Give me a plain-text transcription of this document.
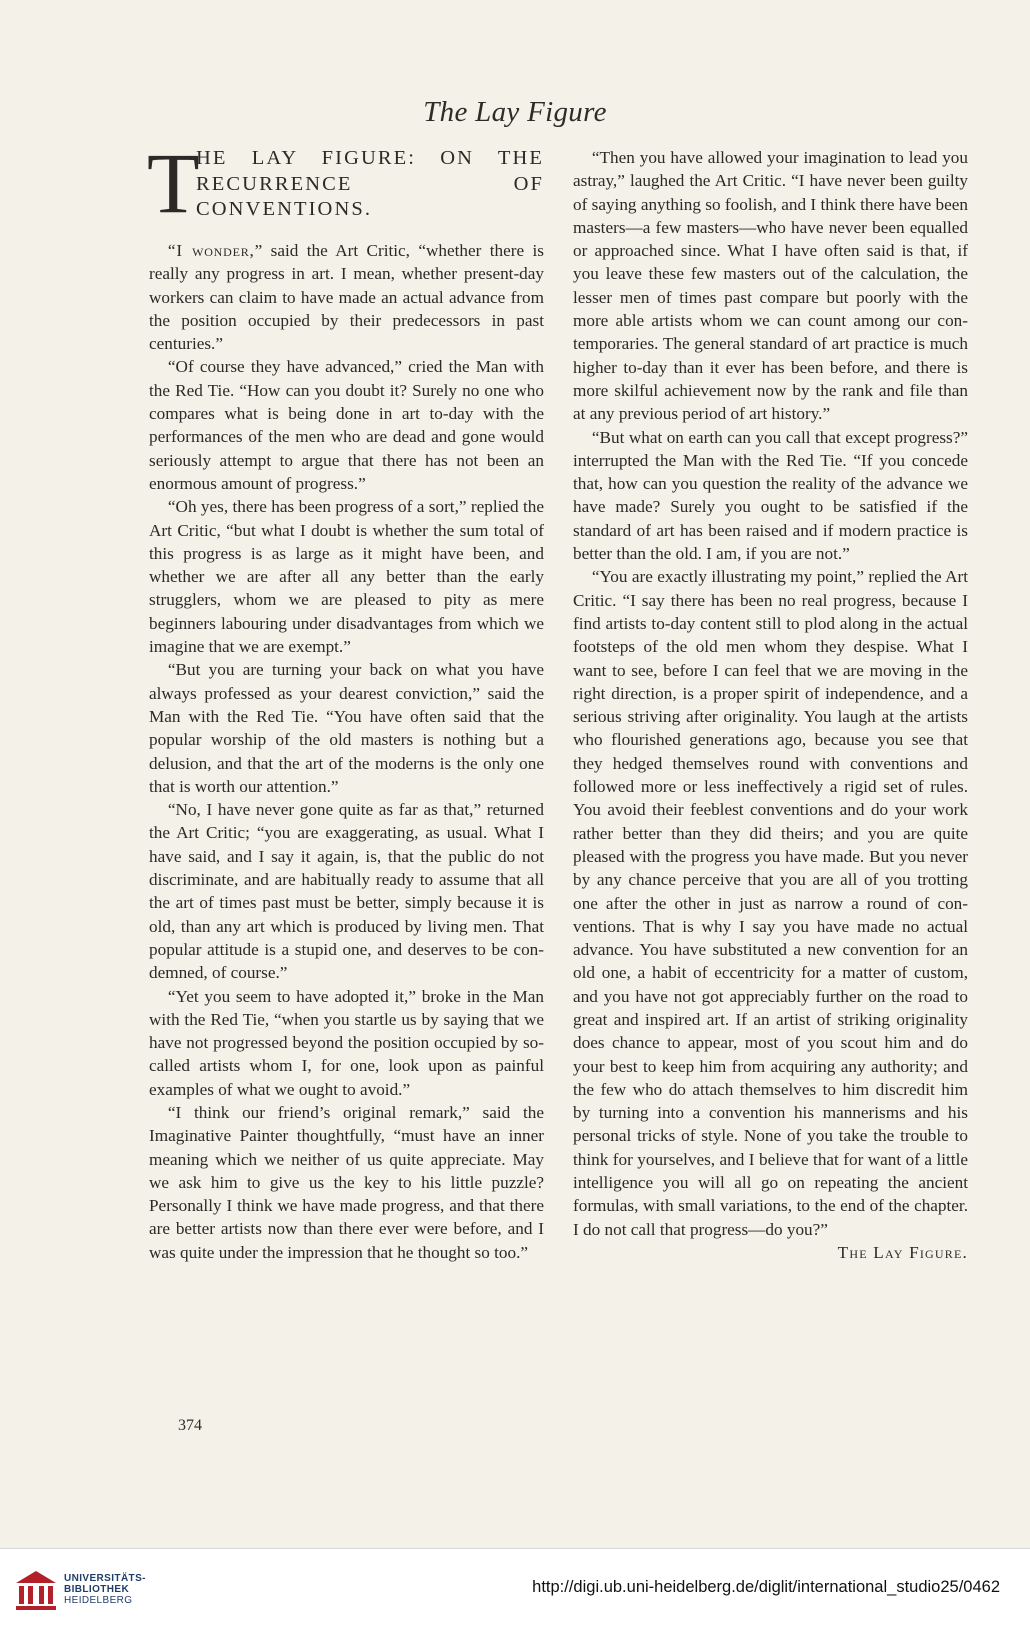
The Lay Figure
T
HE LAY FIGURE: ON THE RECURRENCE OF CONVENTIONS.

“I wonder,” said the Art Critic, “whether there is really any progress in art. I mean, whether present-day workers can claim to have made an actual advance from the position occupied by their predecessors in past centuries.”

“Of course they have advanced,” cried the Man with the Red Tie. “How can you doubt it? Surely no one who compares what is being done in art to-day with the performances of the men who are dead and gone would seriously attempt to argue that there has not been an enormous amount of progress.”

“Oh yes, there has been progress of a sort,” replied the Art Critic, “but what I doubt is whether the sum total of this progress is as large as it might have been, and whether we are after all any better than the early strugglers, whom we are pleased to pity as mere beginners labouring under disadvantages from which we imagine that we are exempt.”

“But you are turning your back on what you have always professed as your dearest conviction,” said the Man with the Red Tie. “You have often said that the popular worship of the old masters is nothing but a delusion, and that the art of the moderns is the only one that is worth our attention.”

“No, I have never gone quite as far as that,” returned the Art Critic; “you are exaggerating, as usual. What I have said, and I say it again, is, that the public do not discriminate, and are habitually ready to assume that all the art of times past must be better, simply because it is old, than any art which is produced by living men. That popular attitude is a stupid one, and deserves to be condemned, of course.”

“Yet you seem to have adopted it,” broke in the Man with the Red Tie, “when you startle us by saying that we have not progressed beyond the position occupied by so-called artists whom I, for one, look upon as painful examples of what we ought to avoid.”

“I think our friend’s original remark,” said the Imaginative Painter thoughtfully, “must have an inner meaning which we neither of us quite appreciate. May we ask him to give us the key to his little puzzle? Personally I think we have made progress, and that there are better artists now than there ever were before, and I was quite under the impression that he thought so too.”

“Then you have allowed your imagination to lead you astray,” laughed the Art Critic. “I have never been guilty of saying anything so foolish, and I think there have been masters—a few masters—who have never been equalled or approached since. What I have often said is that, if you leave these few masters out of the calculation, the lesser men of times past compare but poorly with the more able artists whom we can count among our contemporaries. The general standard of art practice is much higher to-day than it ever has been before, and there is more skilful achievement now by the rank and file than at any previous period of art history.”

“But what on earth can you call that except progress?” interrupted the Man with the Red Tie. “If you concede that, how can you question the reality of the advance we have made? Surely you ought to be satisfied if the standard of art has been raised and if modern practice is better than the old. I am, if you are not.”

“You are exactly illustrating my point,” replied the Art Critic. “I say there has been no real progress, because I find artists to-day content still to plod along in the actual footsteps of the old men whom they despise. What I want to see, before I can feel that we are moving in the right direction, is a proper spirit of independence, and a serious striving after originality. You laugh at the artists who flourished generations ago, because you see that they hedged themselves round with conventions and followed more or less ineffectively a rigid set of rules. You avoid their feeblest conventions and do your work rather better than they did theirs; and you are quite pleased with the progress you have made. But you never by any chance perceive that you are all of you trotting one after the other in just as narrow a round of conventions. That is why I say you have made no actual advance. You have substituted a new convention for an old one, a habit of eccentricity for a matter of custom, and you have not got appreciably further on the road to great and inspired art. If an artist of striking originality does chance to appear, most of you scout him and do your best to keep him from acquiring any authority; and the few who do attach themselves to him discredit him by turning into a convention his mannerisms and his personal tricks of style. None of you take the trouble to think for yourselves, and I believe that for want of a little intelligence you will all go on repeating the ancient formulas, with small variations, to the end of the chapter. I do not call that progress—do you?”
The Lay Figure.

374
UNIVERSITÄTS-
BIBLIOTHEK
HEIDELBERG
http://digi.ub.uni-heidelberg.de/diglit/international_studio25/0462
